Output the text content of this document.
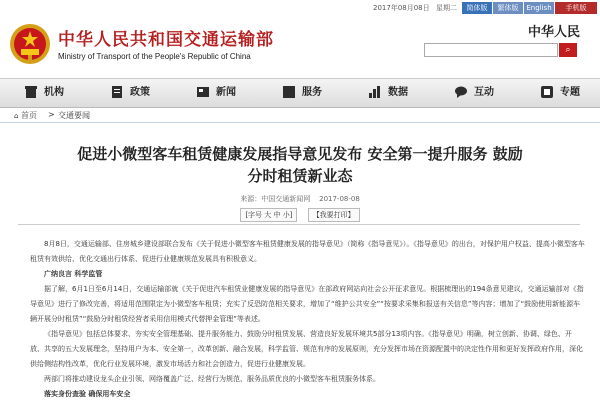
2017年08月08日 星期二	简体版	繁体版	English	手机版
中华人民共和国交通运输部
Ministry of Transport of the People's Republic of China
中华人民
⌕
机构	政策	新闻	服务	数据	互动	专题
⌂ 首页 > 交通要闻
促进小微型客车租赁健康发展指导意见发布 安全第一提升服务 鼓励分时租赁新业态
来源：中国交通新闻网 2017-08-08
[字号 大 中 小]	【我要打印】

8月8日，交通运输部、住房城乡建设部联合发布《关于促进小微型客车租赁健康发展的指导意见》（简称《指导意见》）。《指导意见》的出台，对保护用户权益、提高小微型客车租赁有效供给、优化交通出行体系、促进行业健康规范发展具有积极意义。

广纳良言 科学监管

据了解，6月1日至6月14日，交通运输部就《关于促进汽车租赁业健康发展的指导意见》在部政府网站向社会公开征求意见。根据梳理出的194条意见建议，交通运输部对《指导意见》进行了修改完善，将适用范围限定为小微型客车租赁；充实了反恐防范相关要求，增加了“维护公共安全”“按要求采集和报送有关信息”等内容；增加了“鼓励使用新能源车辆开展分时租赁”“鼓励分时租赁经营者采用信用模式代替押金管理”等表述。

《指导意见》包括总体要求、夯实安全管理基础、提升服务能力、鼓励分时租赁发展、营造良好发展环境共5部分13项内容。《指导意见》明确，树立创新、协调、绿色、开放、共享的五大发展理念，坚持用户为本、安全第一，改革创新、融合发展，科学监管、规范有序的发展原则，充分发挥市场在资源配置中的决定性作用和更好发挥政府作用，深化供给侧结构性改革，优化行业发展环境，激发市场活力和社会创造力，促进行业健康发展。

两部门将推动建设龙头企业引领、网络覆盖广泛、经营行为规范、服务品质优良的小微型客车租赁服务体系。

落实身份查验 确保用车安全
